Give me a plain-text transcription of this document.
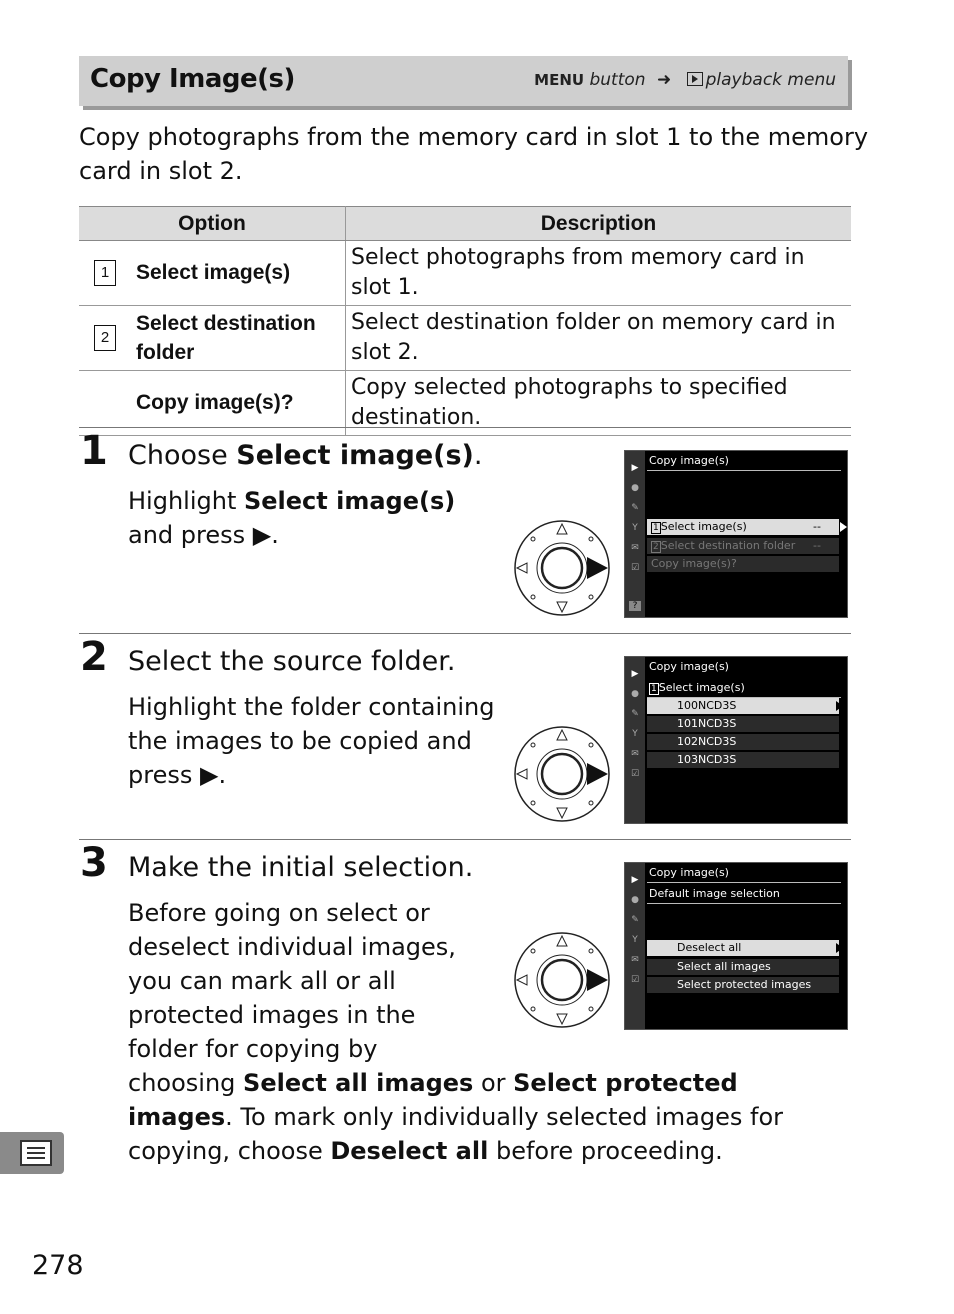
Copy Image(s)	MENU button ➜ playback menu
Copy photographs from the memory card in slot 1 to the memory card in slot 2.
Option	Description

1 Select image(s)	Select photographs from memory card in slot 1.

2
Select destination folder	Select destination folder on memory card in slot 2.

Copy image(s)?	Copy selected photographs to specified destination.
1 Choose Select image(s).
Highlight Select image(s) and press ▶.
▶
●
✎
Y
✉
☑
?
Copy image(s)
1 Select image(s)	--
2 Select destination folder --
Copy image(s)?
2 Select the source folder.
Highlight the folder containing the images to be copied and press ▶.
▶
●
✎
Y
✉
☑
Copy image(s)
1 Select image(s)
100NCD3S
101NCD3S
102NCD3S
103NCD3S
3 Make the initial selection.	▶
●
✎
Y
✉
☑
Copy image(s)
Default image selection
Deselect all
Select all images
Select protected images
Before going on select or deselect individual images, you can mark all or all protected images in the folder for copying by choosing Select all images or Select protected images. To mark only individually selected images for copying, choose Deselect all before proceeding.
278
